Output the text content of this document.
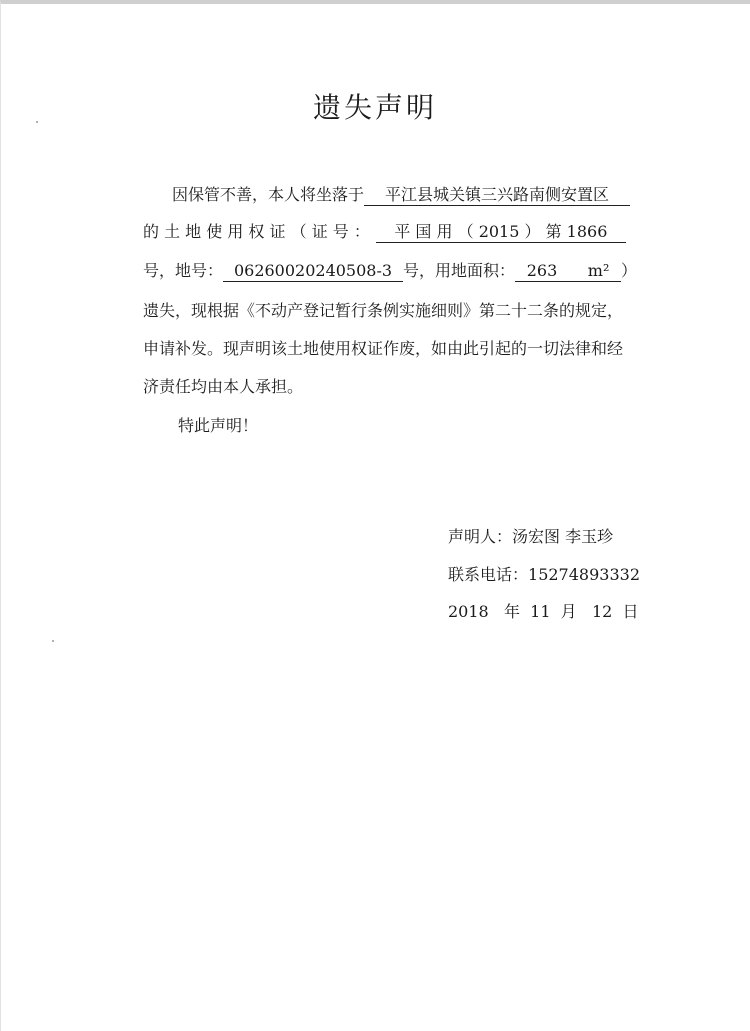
遗失声明
因保管不善，本人将坐落于 平江县城关镇三兴路南侧安置区
的 土 地 使 用 权 证 （ 证 号 ： 平 国 用 （ 2015 ） 第 1866
号，地号： 06260020240508-3 号，用地面积： 263 m² ）
遗失，现根据《不动产登记暂行条例实施细则》第二十二条的规定，
申请补发。现声明该土地使用权证作废，如由此引起的一切法律和经
济责任均由本人承担。
特此声明！
声明人：汤宏图 李玉珍
联系电话：15274893332
2018   年  11  月   12  日
